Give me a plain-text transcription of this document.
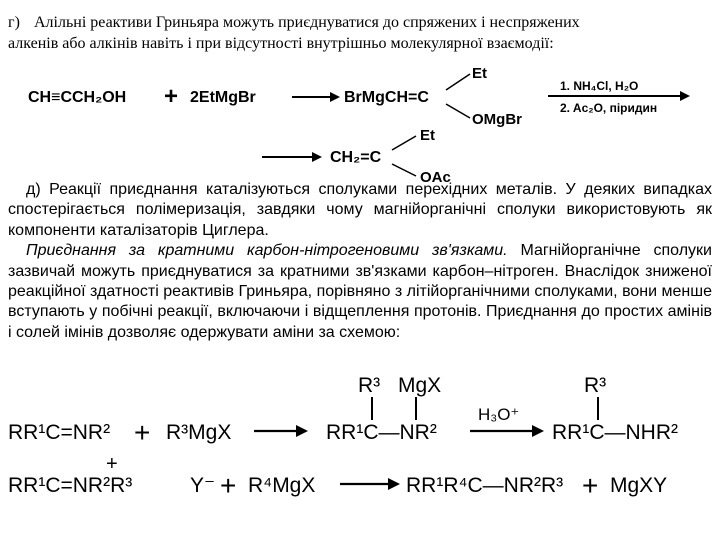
г) Алільні реактиви Гриньяра можуть приєднуватися до спряжених і неспряжених
алкенів або алкінів навіть і при відсутності внутрішньо молекулярної взаємодії:
CH≡CCH₂OH + 2EtMgBr	BrMgCH=C
Et
OMgBr
1. NH₄Cl, H₂O
2. Ac₂O, піридин
CH₂=C
Et
OAc

д) Реакції приєднання каталізуються сполуками перехідних металів. У деяких випадках спостерігається полімеризація, завдяки чому магнійорганічні сполуки використовують як компоненти каталізаторів Циглера.

Приєднання за кратними карбон-нітрогеновими зв'язками. Магнійорганічне сполуки зазвичай можуть приєднуватися за кратними зв'язками карбон–нітроген. Внаслідок зниженої реакційної здатності реактивів Гриньяра, порівняно з літійорганічними сполуками, вони менше вступають у побічні реакції, включаючи і відщеплення протонів. Приєднання до простих амінів і солей імінів дозволяє одержувати аміни за схемою:

RR¹C=NR² + R³MgX
R³ MgX
RR¹C—NR²
H₃O⁺
R³
RR¹C—NHR²
+
RR¹C=NR²R³	Y⁻ + R⁴MgX	RR¹R⁴C—NR²R³ + MgXY
